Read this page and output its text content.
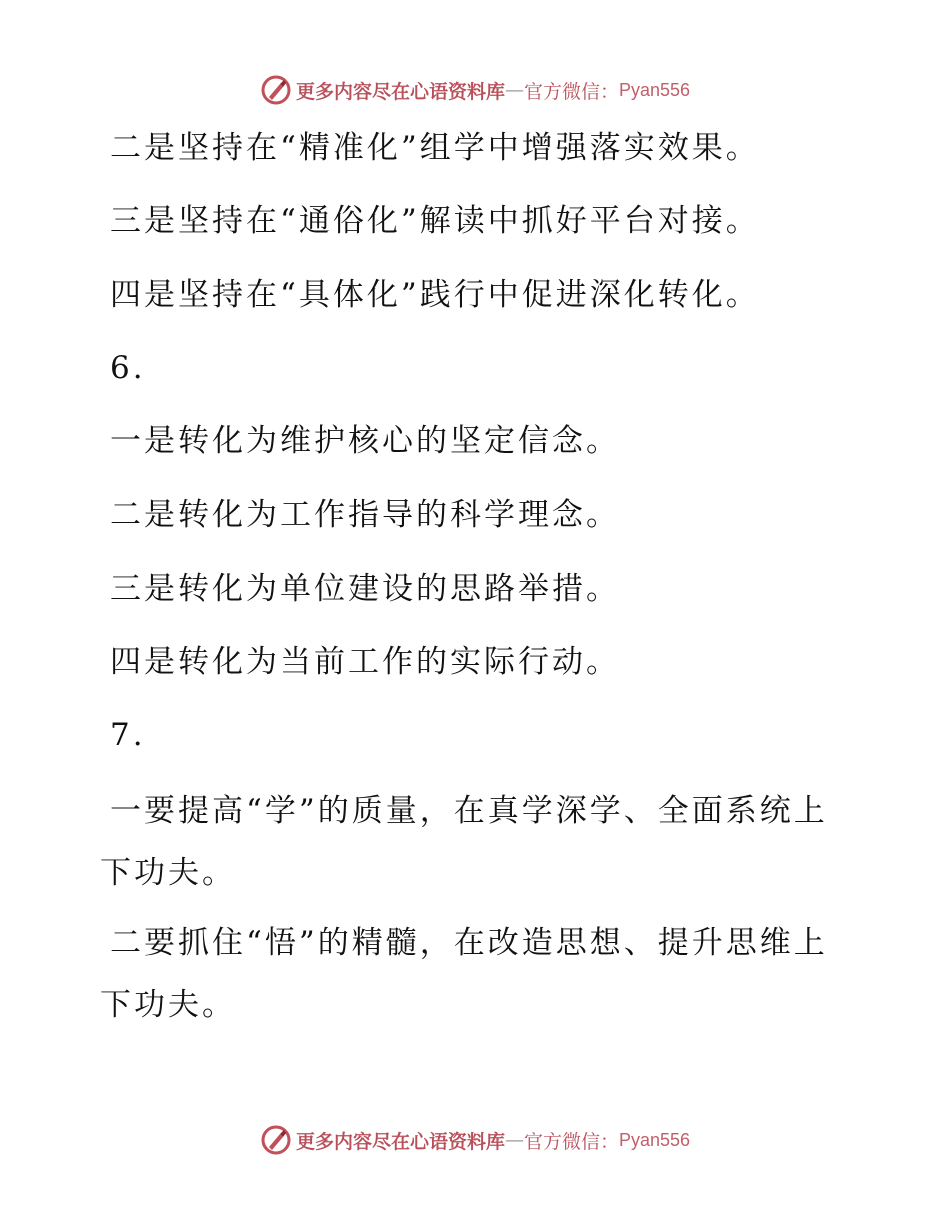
更多内容尽在心语资料库 — 官方微信： Pyan556
二是坚持在“精准化”组学中增强落实效果。
三是坚持在“通俗化”解读中抓好平台对接。
四是坚持在“具体化”践行中促进深化转化。
6.
一是转化为维护核心的坚定信念。
二是转化为工作指导的科学理念。
三是转化为单位建设的思路举措。
四是转化为当前工作的实际行动。
7.
一要提高“学”的质量，在真学深学、全面系统上下功夫。
二要抓住“悟”的精髓，在改造思想、提升思维上下功夫。
更多内容尽在心语资料库 — 官方微信： Pyan556
